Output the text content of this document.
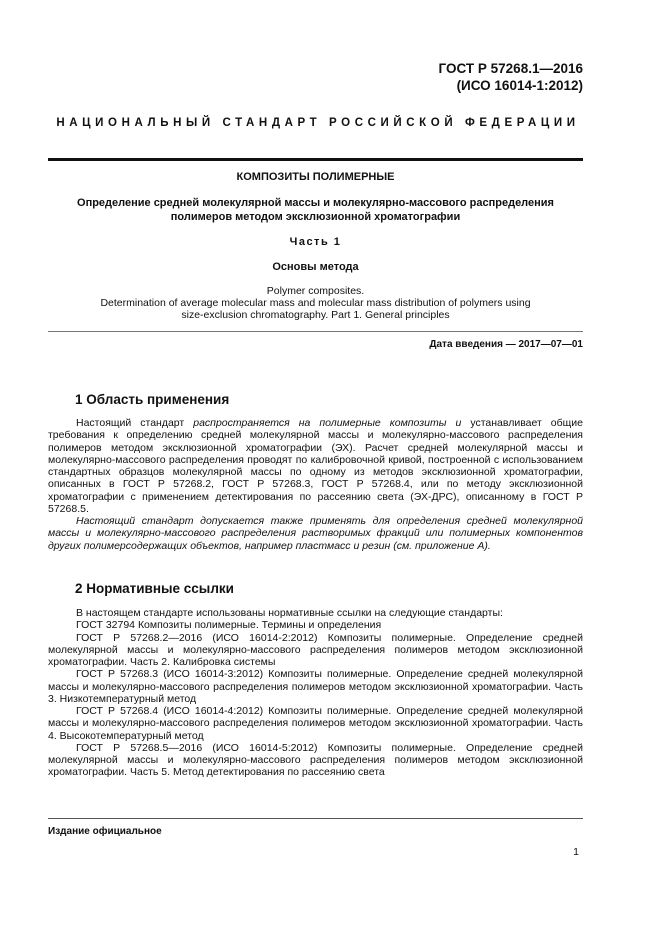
ГОСТ Р 57268.1—2016
(ИСО 16014-1:2012)
НАЦИОНАЛЬНЫЙ СТАНДАРТ РОССИЙСКОЙ ФЕДЕРАЦИИ
КОМПОЗИТЫ ПОЛИМЕРНЫЕ
Определение средней молекулярной массы и молекулярно-массового распределения
полимеров методом эксклюзионной хроматографии
Часть 1
Основы метода
Polymer composites.
Determination of average molecular mass and molecular mass distribution of polymers using
size-exclusion chromatography. Part 1. General principles
Дата введения — 2017—07—01
1 Область применения

Настоящий стандарт распространяется на полимерные композиты и устанавливает общие требования к определению средней молекулярной массы и молекулярно-массового распределения полимеров методом эксклюзионной хроматографии (ЭХ). Расчет средней молекулярной массы и молекулярно-массового распределения проводят по калибровочной кривой, построенной с использованием стандартных образцов молекулярной массы по одному из методов эксклюзионной хроматографии, описанных в ГОСТ Р 57268.2, ГОСТ Р 57268.3, ГОСТ Р 57268.4, или по методу эксклюзионной хроматографии с применением детектирования по рассеянию света (ЭХ-ДРС), описанному в ГОСТ Р 57268.5.

Настоящий стандарт допускается также применять для определения средней молекулярной массы и молекулярно-массового распределения растворимых фракций или полимерных компонентов других полимерсодержащих объектов, например пластмасс и резин (см. приложение А).

2 Нормативные ссылки

В настоящем стандарте использованы нормативные ссылки на следующие стандарты:

ГОСТ 32794 Композиты полимерные. Термины и определения

ГОСТ Р 57268.2—2016 (ИСО 16014-2:2012) Композиты полимерные. Определение средней молекулярной массы и молекулярно-массового распределения полимеров методом эксклюзионной хроматографии. Часть 2. Калибровка системы

ГОСТ Р 57268.3 (ИСО 16014-3:2012) Композиты полимерные. Определение средней молекулярной массы и молекулярно-массового распределения полимеров методом эксклюзионной хроматографии. Часть 3. Низкотемпературный метод

ГОСТ Р 57268.4 (ИСО 16014-4:2012) Композиты полимерные. Определение средней молекулярной массы и молекулярно-массового распределения полимеров методом эксклюзионной хроматографии. Часть 4. Высокотемпературный метод

ГОСТ Р 57268.5—2016 (ИСО 16014-5:2012) Композиты полимерные. Определение средней молекулярной массы и молекулярно-массового распределения полимеров методом эксклюзионной хроматографии. Часть 5. Метод детектирования по рассеянию света

Издание официальное
1
